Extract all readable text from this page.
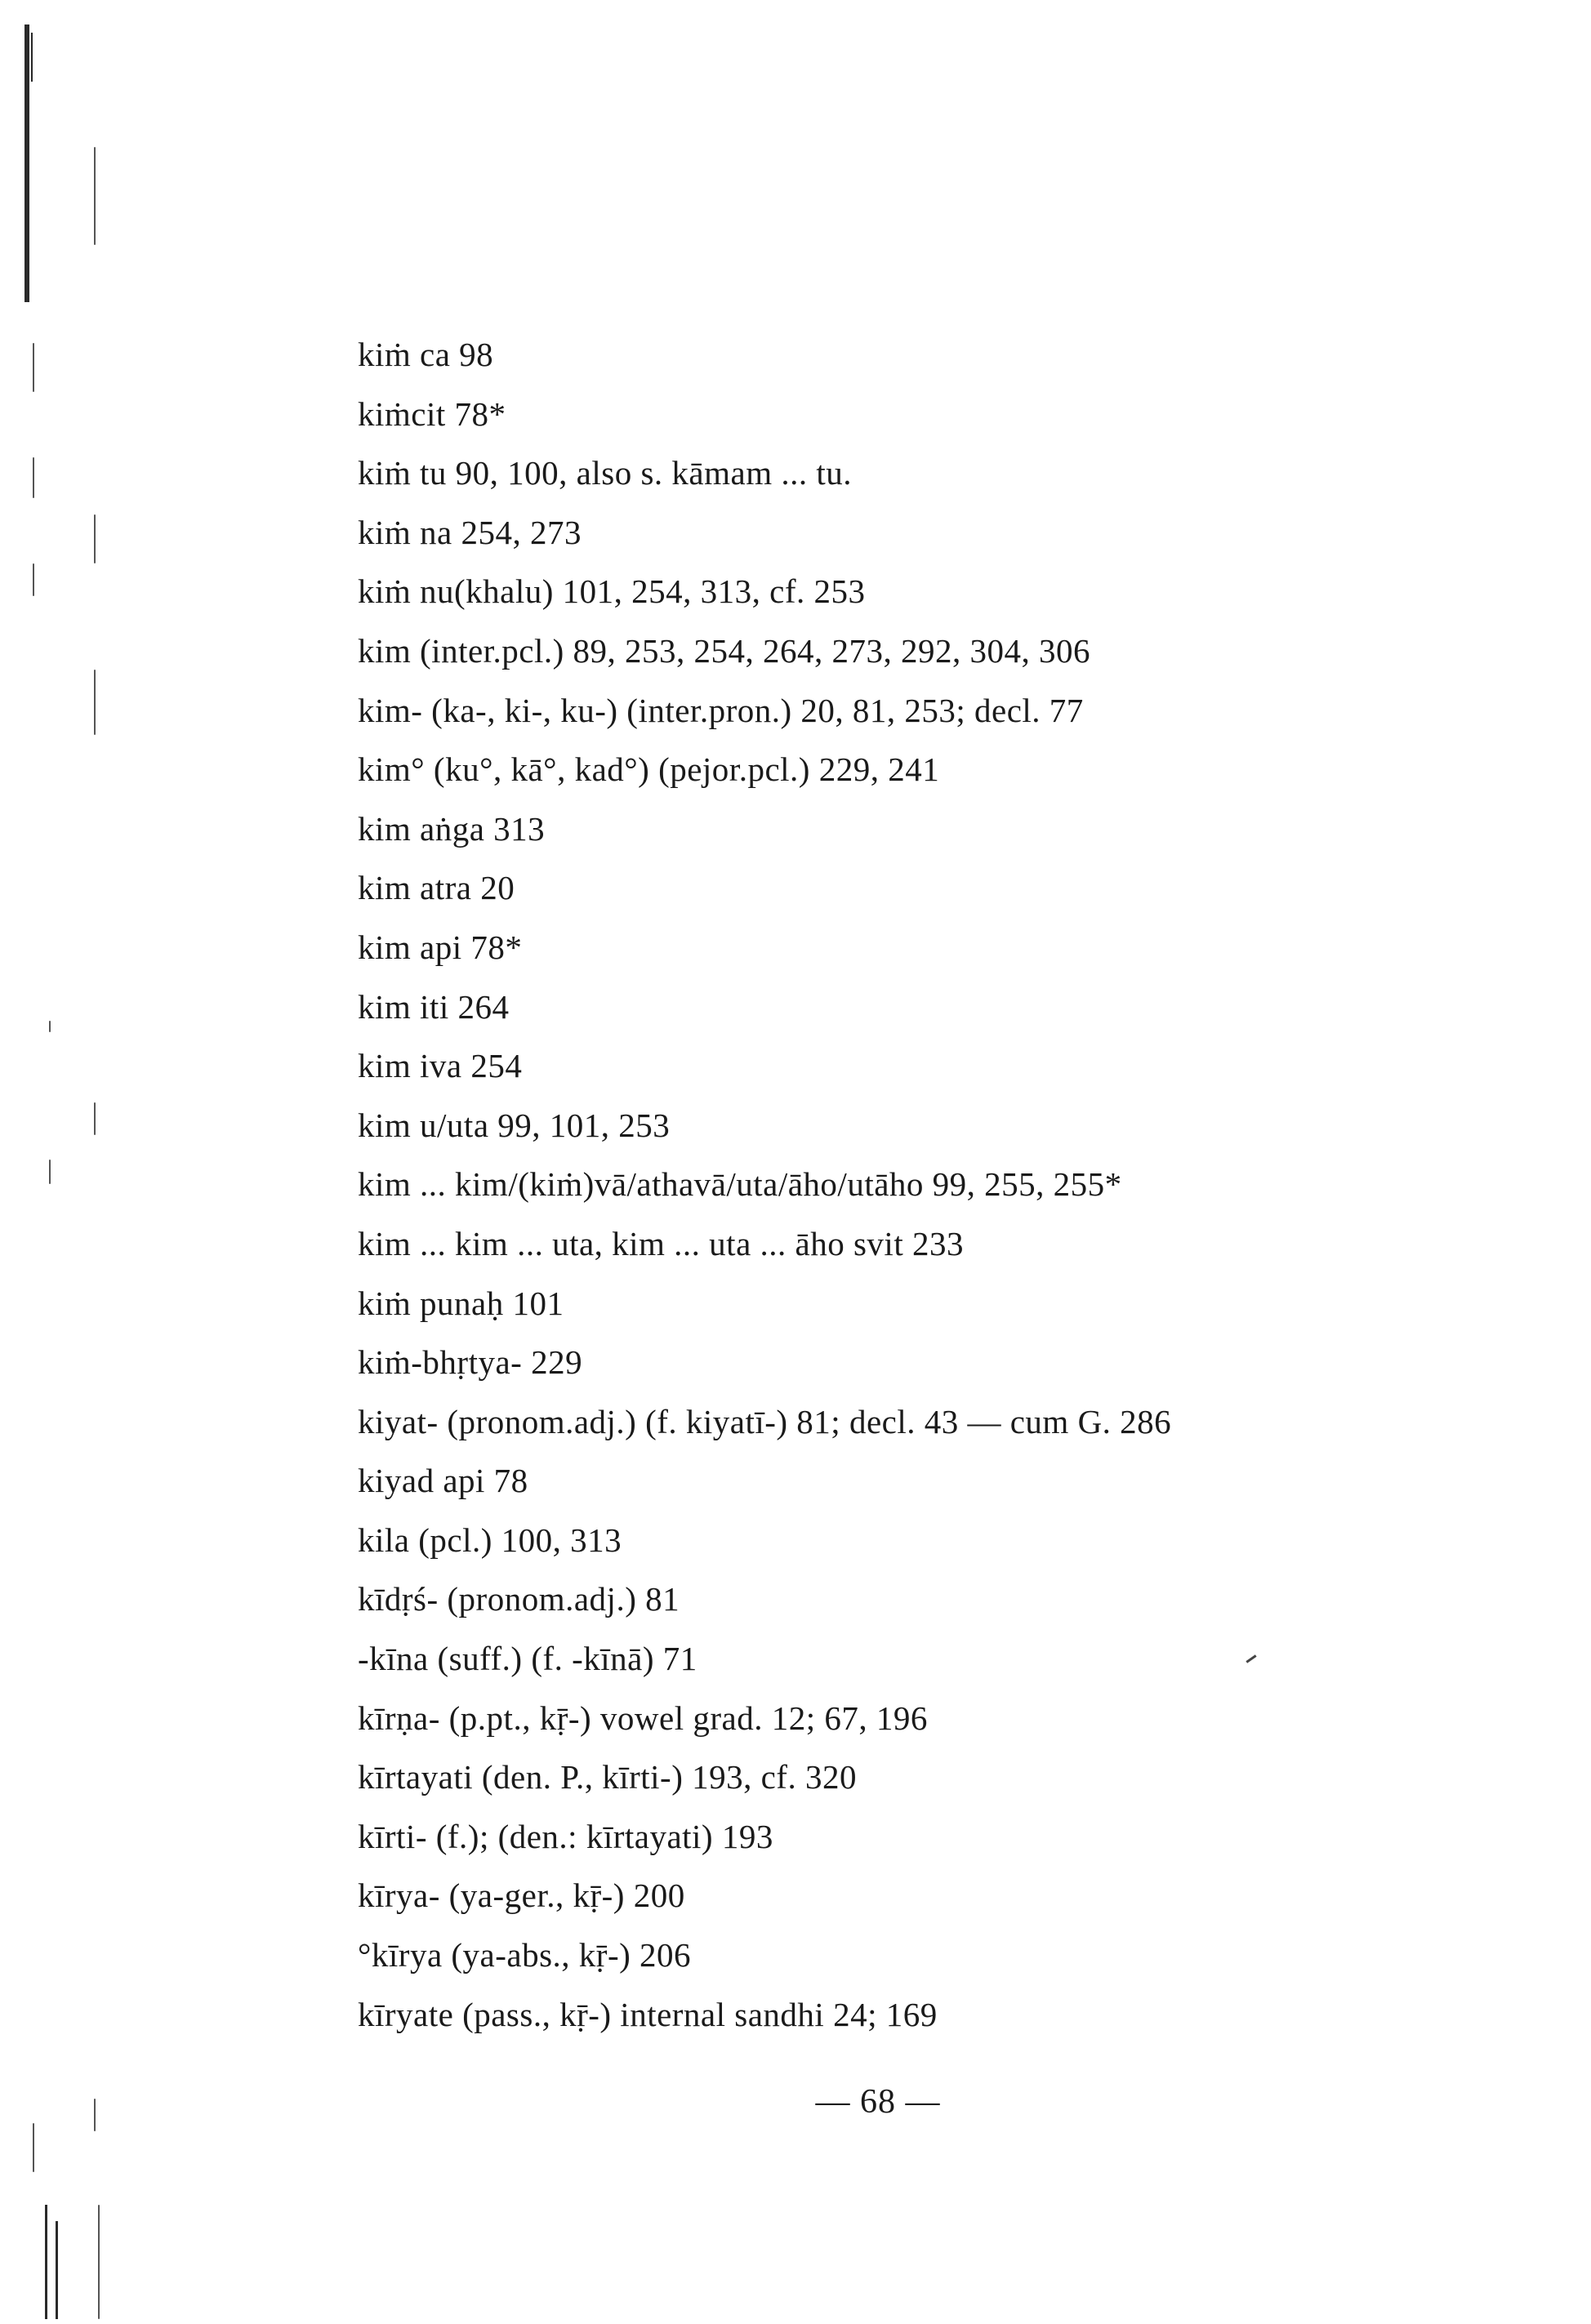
kiṁ ca 98
kiṁcit 78*
kiṁ tu 90, 100, also s. kāmam ... tu.
kiṁ na 254, 273
kiṁ nu(khalu) 101, 254, 313, cf. 253
kim (inter.pcl.) 89, 253, 254, 264, 273, 292, 304, 306
kim- (ka-, ki-, ku-) (inter.pron.) 20, 81, 253; decl. 77
kim° (ku°, kā°, kad°) (pejor.pcl.) 229, 241
kim aṅga 313
kim atra 20
kim api 78*
kim iti 264
kim iva 254
kim u/uta 99, 101, 253
kim ... kim/(kiṁ)vā/athavā/uta/āho/utāho 99, 255, 255*
kim ... kim ... uta, kim ... uta ... āho svit 233
kiṁ punaḥ 101
kiṁ-bhṛtya- 229
kiyat- (pronom.adj.) (f. kiyatī-) 81; decl. 43 — cum G. 286
kiyad api 78
kila (pcl.) 100, 313
kīdṛś- (pronom.adj.) 81
-kīna (suff.) (f. -kīnā) 71
kīrṇa- (p.pt., kṝ-) vowel grad. 12; 67, 196
kīrtayati (den. P., kīrti-) 193, cf. 320
kīrti- (f.); (den.: kīrtayati) 193
kīrya- (ya-ger., kṝ-) 200
°kīrya (ya-abs., kṝ-) 206
kīryate (pass., kṝ-) internal sandhi 24; 169
— 68 —
